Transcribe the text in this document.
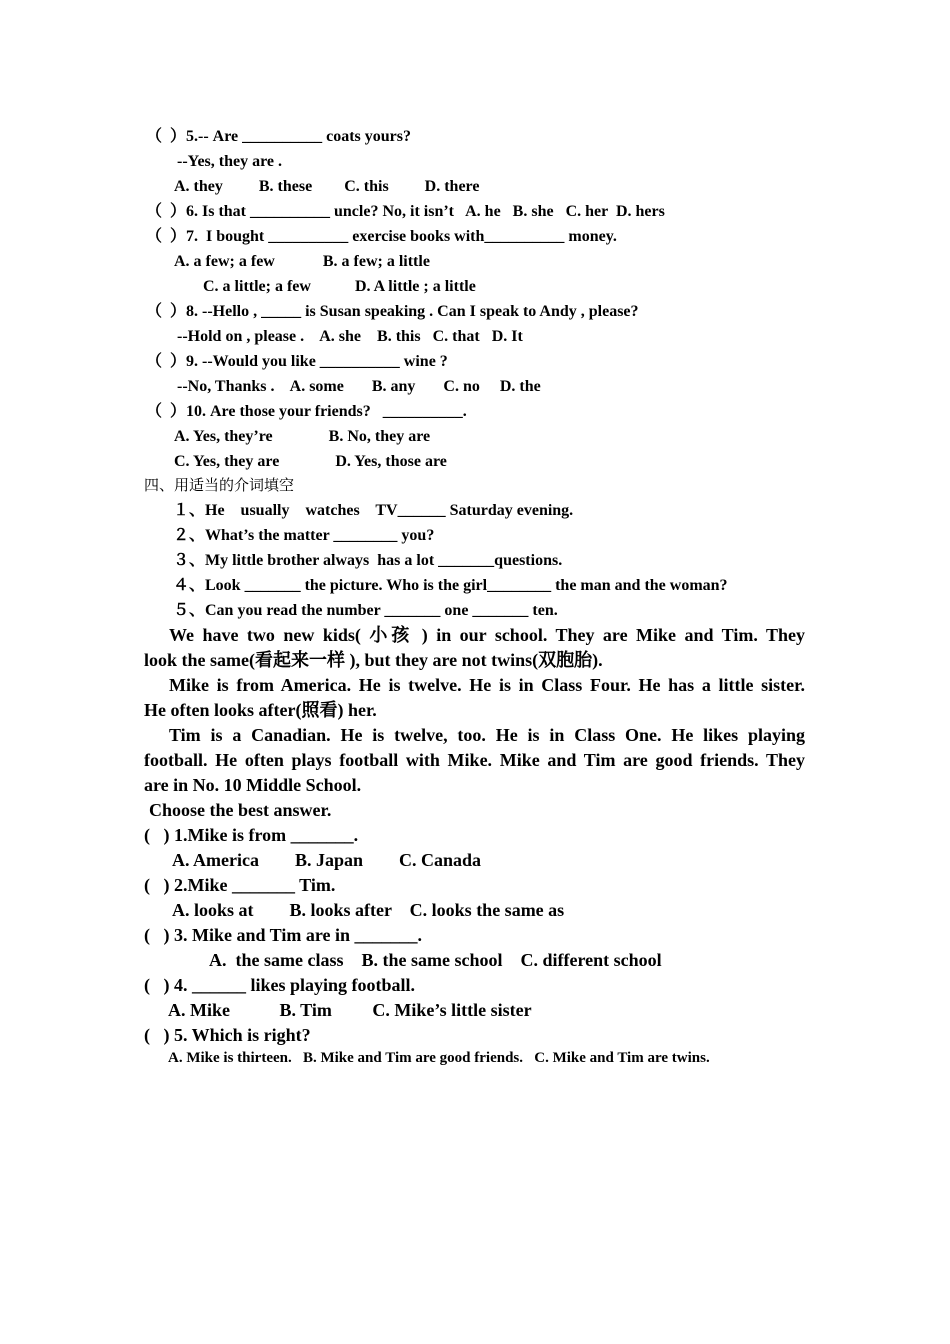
（  ）5.-- Are __________ coats yours?
--Yes, they are .
A. they         B. these        C. this         D. there
（  ）6. Is that __________ uncle? No, it isn’t   A. he   B. she   C. her  D. hers
（  ）7.  I bought __________ exercise books with__________ money.
A. a few; a few            B. a few; a little
C. a little; a few           D. A little ; a little
（  ）8. --Hello , _____ is Susan speaking . Can I speak to Andy , please?
--Hold on , please .    A. she    B. this   C. that   D. It
（  ）9. --Would you like __________ wine ?
--No, Thanks .    A. some       B. any       C. no     D. the
（  ）10. Are those your friends?   __________.
A. Yes, they’re              B. No, they are
C. Yes, they are              D. Yes, those are
四、用适当的介词填空
１、He    usually    watches    TV______ Saturday evening.
２、What’s the matter ________ you?
３、My little brother always  has a lot _______questions.
４、Look _______ the picture. Who is the girl________ the man and the woman?
５、Can you read the number _______ one _______ ten.
We have two new kids( 小孩 ) in our school. They are Mike and Tim. They
look the same(看起来一样 ), but they are not twins(双胞胎).
Mike is from America. He is twelve. He is in Class Four. He has a little sister.
He often looks after(照看) her.
Tim is a Canadian. He is twelve, too. He is in Class One. He likes playing
football. He often plays football with Mike. Mike and Tim are good friends. They
are in No. 10 Middle School.
Choose the best answer.
(   ) 1.Mike is from _______.
A. America        B. Japan        C. Canada
(   ) 2.Mike _______ Tim.
A. looks at        B. looks after    C. looks the same as
(   ) 3. Mike and Tim are in _______.
A.  the same class    B. the same school    C. different school
(   ) 4. ______ likes playing football.
A. Mike           B. Tim         C. Mike’s little sister
(   ) 5. Which is right?
A. Mike is thirteen.   B. Mike and Tim are good friends.   C. Mike and Tim are twins.
